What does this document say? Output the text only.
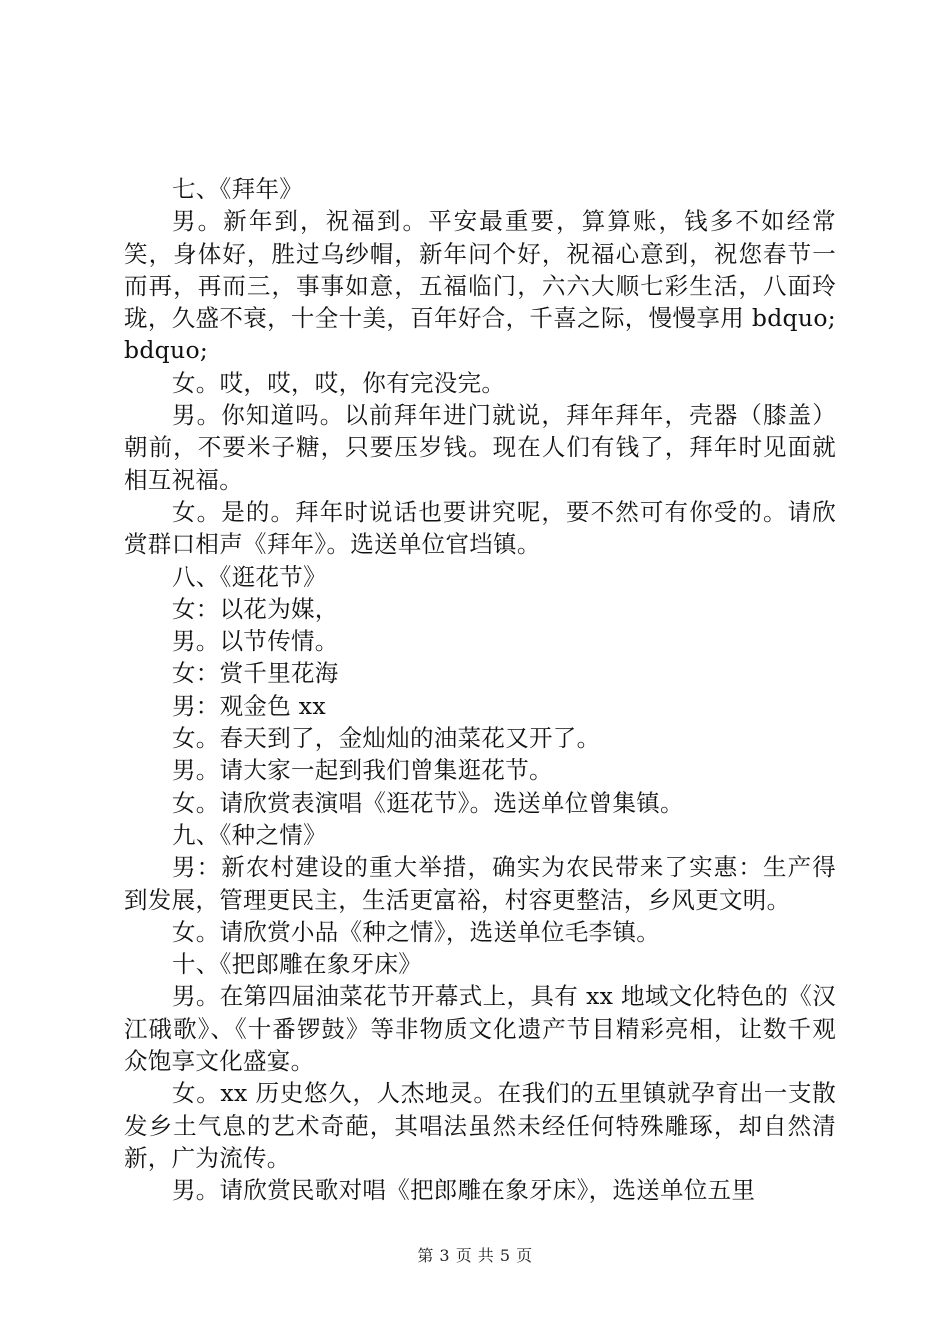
七、《拜年》

男。新年到，祝福到。平安最重要，算算账，钱多不如经常笑，身体好，胜过乌纱帽，新年问个好，祝福心意到，祝您春节一而再，再而三，事事如意，五福临门，六六大顺七彩生活，八面玲珑，久盛不衰，十全十美，百年好合，千喜之际，慢慢享用 bdquo;bdquo;

女。哎，哎，哎，你有完没完。

男。你知道吗。以前拜年进门就说，拜年拜年，壳器（膝盖）朝前，不要米子糖，只要压岁钱。现在人们有钱了，拜年时见面就相互祝福。

女。是的。拜年时说话也要讲究呢，要不然可有你受的。请欣赏群口相声《拜年》。选送单位官垱镇。

八、《逛花节》

女：以花为媒，

男。以节传情。

女：赏千里花海

男：观金色 xx

女。春天到了，金灿灿的油菜花又开了。

男。请大家一起到我们曾集逛花节。

女。请欣赏表演唱《逛花节》。选送单位曾集镇。

九、《种之情》

男：新农村建设的重大举措，确实为农民带来了实惠：生产得到发展，管理更民主，生活更富裕，村容更整洁，乡风更文明。

女。请欣赏小品《种之情》，选送单位毛李镇。

十、《把郎雕在象牙床》

男。在第四届油菜花节开幕式上，具有 xx 地域文化特色的《汉江硪歌》、《十番锣鼓》等非物质文化遗产节目精彩亮相，让数千观众饱享文化盛宴。

女。xx 历史悠久，人杰地灵。在我们的五里镇就孕育出一支散发乡土气息的艺术奇葩，其唱法虽然未经任何特殊雕琢，却自然清新，广为流传。

男。请欣赏民歌对唱《把郎雕在象牙床》，选送单位五里

第 3 页 共 5 页
